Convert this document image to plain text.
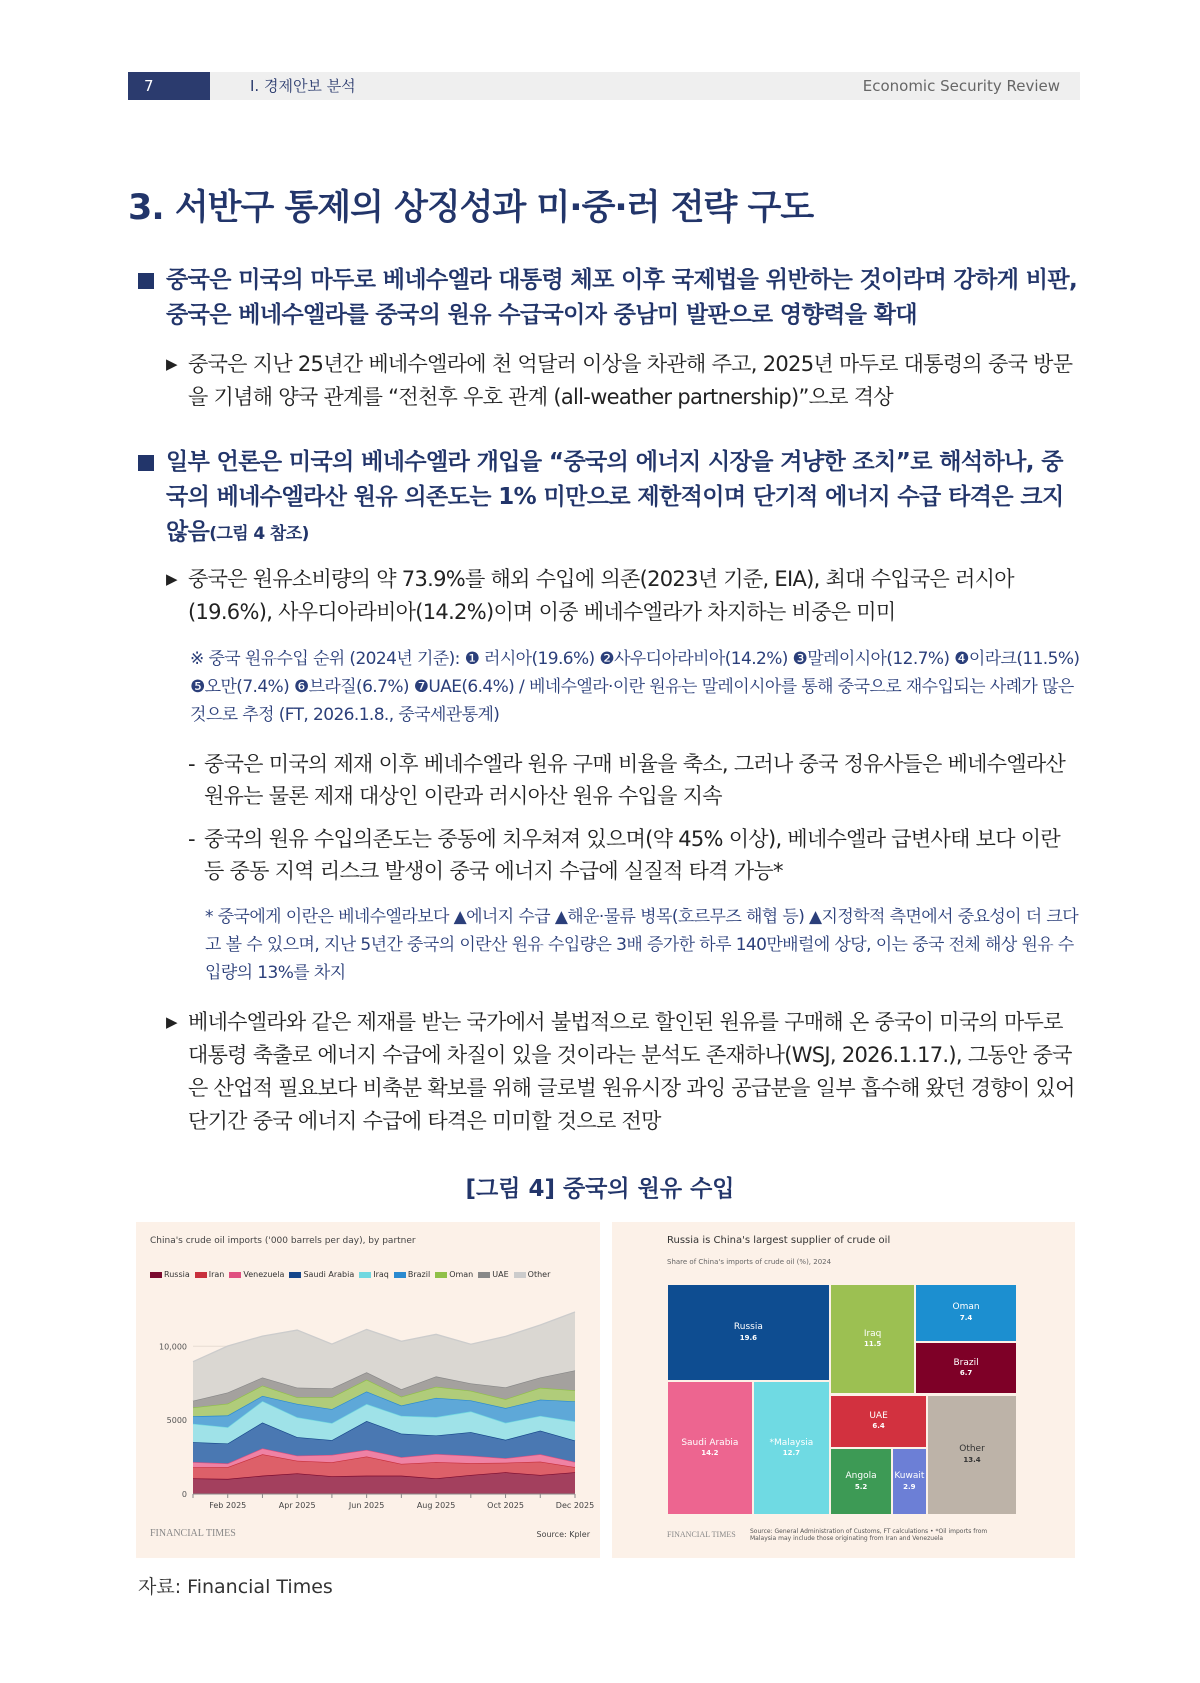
7	Ⅰ. 경제안보 분석	Economic Security Review
3. 서반구 통제의 상징성과 미·중·러 전략 구도
중국은 미국의 마두로 베네수엘라 대통령 체포 이후 국제법을 위반하는 것이라며 강하게 비판, 중국은 베네수엘라를 중국의 원유 수급국이자 중남미 발판으로 영향력을 확대
▶ 중국은 지난 25년간 베네수엘라에 천 억달러 이상을 차관해 주고, 2025년 마두로 대통령의 중국 방문을 기념해 양국 관계를 “전천후 우호 관계 (all-weather partnership)”으로 격상
일부 언론은 미국의 베네수엘라 개입을 “중국의 에너지 시장을 겨냥한 조치”로 해석하나, 중국의 베네수엘라산 원유 의존도는 1% 미만으로 제한적이며 단기적 에너지 수급 타격은 크지 않음(그림 4 참조)
▶ 중국은 원유소비량의 약 73.9%를 해외 수입에 의존(2023년 기준, EIA), 최대 수입국은 러시아(19.6%), 사우디아라비아(14.2%)이며 이중 베네수엘라가 차지하는 비중은 미미
※ 중국 원유수입 순위 (2024년 기준): ❶ 러시아(19.6%) ❷사우디아라비아(14.2%) ❸말레이시아(12.7%) ❹이라크(11.5%) ❺오만(7.4%) ❻브라질(6.7%) ❼UAE(6.4%) / 베네수엘라·이란 원유는 말레이시아를 통해 중국으로 재수입되는 사례가 많은 것으로 추정 (FT, 2026.1.8., 중국세관통계)
- 중국은 미국의 제재 이후 베네수엘라 원유 구매 비율을 축소, 그러나 중국 정유사들은 베네수엘라산 원유는 물론 제재 대상인 이란과 러시아산 원유 수입을 지속
- 중국의 원유 수입의존도는 중동에 치우쳐져 있으며(약 45% 이상), 베네수엘라 급변사태 보다 이란 등 중동 지역 리스크 발생이 중국 에너지 수급에 실질적 타격 가능*
* 중국에게 이란은 베네수엘라보다 ▲에너지 수급 ▲해운·물류 병목(호르무즈 해협 등) ▲지정학적 측면에서 중요성이 더 크다고 볼 수 있으며, 지난 5년간 중국의 이란산 원유 수입량은 3배 증가한 하루 140만배럴에 상당, 이는 중국 전체 해상 원유 수입량의 13%를 차지
▶ 베네수엘라와 같은 제재를 받는 국가에서 불법적으로 할인된 원유를 구매해 온 중국이 미국의 마두로 대통령 축출로 에너지 수급에 차질이 있을 것이라는 분석도 존재하나(WSJ, 2026.1.17.), 그동안 중국은 산업적 필요보다 비축분 확보를 위해 글로벌 원유시장 과잉 공급분을 일부 흡수해 왔던 경향이 있어 단기간 중국 에너지 수급에 타격은 미미할 것으로 전망
[그림 4] 중국의 원유 수입
China's crude oil imports ('000 barrels per day), by partner
Russia	Iran	Venezuela	Saudi Arabia	Iraq	Brazil	Oman	UAE	Other
0
5000
10,000
Feb 2025	Apr 2025	Jun 2025	Aug 2025	Oct 2025	Dec 2025
FINANCIAL TIMES	Source: Kpler
Russia is China's largest supplier of crude oil
Share of China's imports of crude oil (%), 2024
Russia
19.6
Saudi Arabia
14.2
*Malaysia
12.7
Iraq
11.5
Oman
7.4
Brazil
6.7
UAE
6.4
Angola
5.2
Kuwait
2.9
Other
13.4
FINANCIAL TIMES Source: General Administration of Customs, FT calculations • *Oil imports from Malaysia may include those originating from Iran and Venezuela
자료: Financial Times
